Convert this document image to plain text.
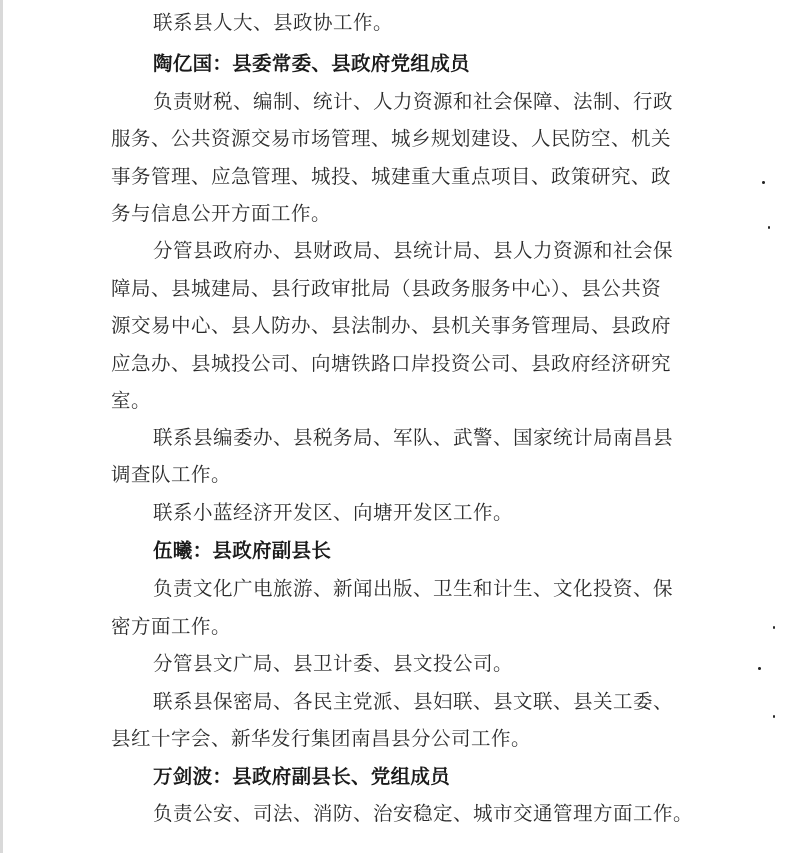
联系县人大、县政协工作。
陶亿国：县委常委、县政府党组成员
负责财税、编制、统计、人力资源和社会保障、法制、行政
服务、公共资源交易市场管理、城乡规划建设、人民防空、机关
事务管理、应急管理、城投、城建重大重点项目、政策研究、政
务与信息公开方面工作。
分管县政府办、县财政局、县统计局、县人力资源和社会保
障局、县城建局、县行政审批局（县政务服务中心）、县公共资
源交易中心、县人防办、县法制办、县机关事务管理局、县政府
应急办、县城投公司、向塘铁路口岸投资公司、县政府经济研究
室。
联系县编委办、县税务局、军队、武警、国家统计局南昌县
调查队工作。
联系小蓝经济开发区、向塘开发区工作。
伍曦：县政府副县长
负责文化广电旅游、新闻出版、卫生和计生、文化投资、保
密方面工作。
分管县文广局、县卫计委、县文投公司。
联系县保密局、各民主党派、县妇联、县文联、县关工委、
县红十字会、新华发行集团南昌县分公司工作。
万剑波：县政府副县长、党组成员
负责公安、司法、消防、治安稳定、城市交通管理方面工作。
